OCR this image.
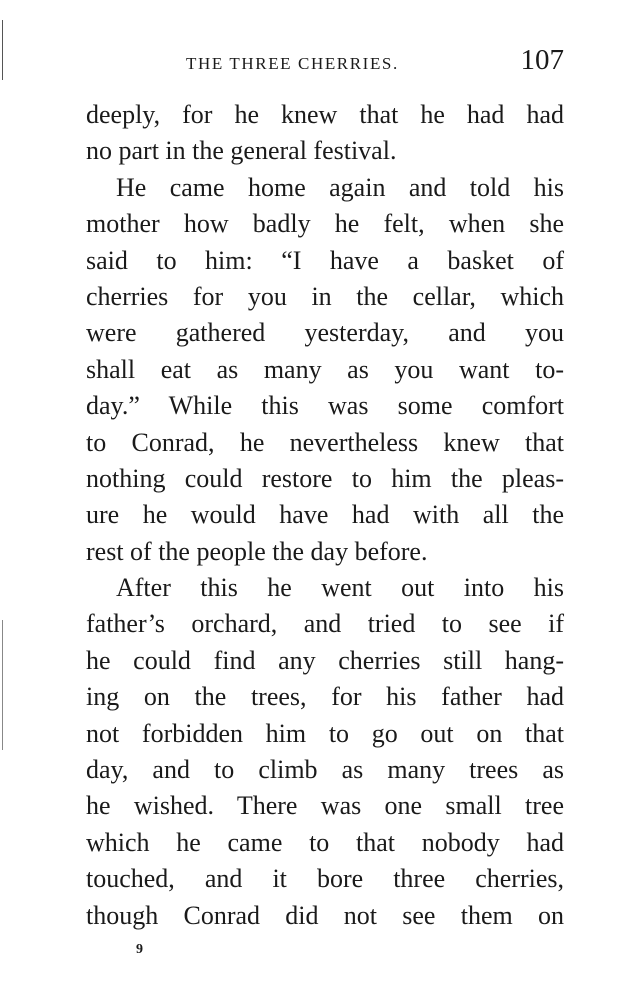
THE THREE CHERRIES.	107
deeply, for he knew that he had had
no part in the general festival.
He came home again and told his
mother how badly he felt, when she
said to him: “I have a basket of
cherries for you in the cellar, which
were gathered yesterday, and you
shall eat as many as you want to-
day.” While this was some comfort
to Conrad, he nevertheless knew that
nothing could restore to him the pleas-
ure he would have had with all the
rest of the people the day before.
After this he went out into his
father’s orchard, and tried to see if
he could find any cherries still hang-
ing on the trees, for his father had
not forbidden him to go out on that
day, and to climb as many trees as
he wished. There was one small tree
which he came to that nobody had
touched, and it bore three cherries,
though Conrad did not see them on
9
